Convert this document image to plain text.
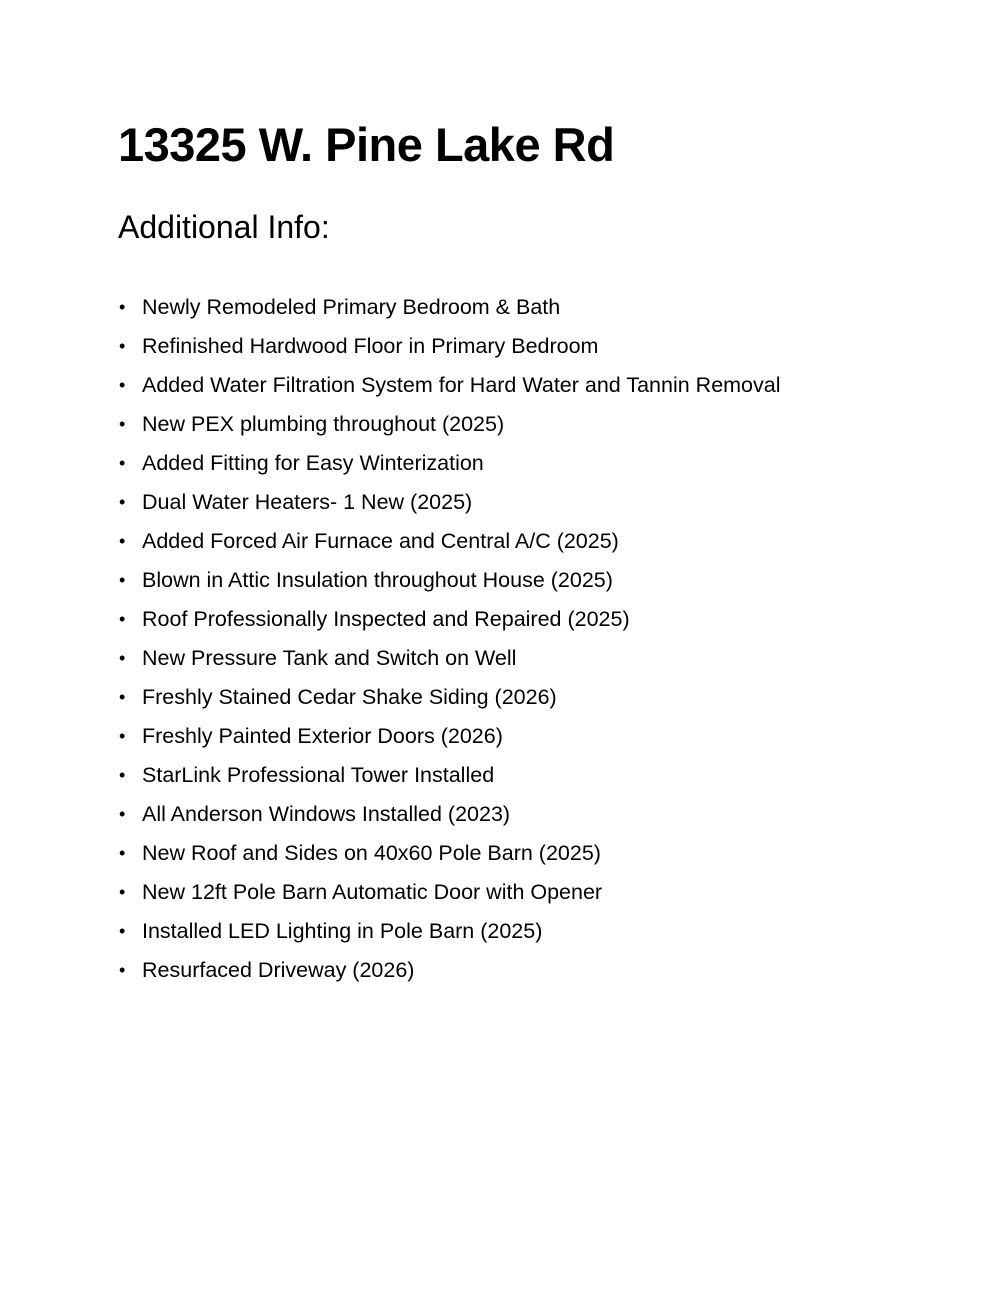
13325 W. Pine Lake Rd
Additional Info:
• Newly Remodeled Primary Bedroom & Bath
• Refinished Hardwood Floor in Primary Bedroom
• Added Water Filtration System for Hard Water and Tannin Removal
• New PEX plumbing throughout (2025)
• Added Fitting for Easy Winterization
• Dual Water Heaters- 1 New (2025)
• Added Forced Air Furnace and Central A/C (2025)
• Blown in Attic Insulation throughout House (2025)
• Roof Professionally Inspected and Repaired (2025)
• New Pressure Tank and Switch on Well
• Freshly Stained Cedar Shake Siding (2026)
• Freshly Painted Exterior Doors (2026)
• StarLink Professional Tower Installed
• All Anderson Windows Installed (2023)
• New Roof and Sides on 40x60 Pole Barn (2025)
• New 12ft Pole Barn Automatic Door with Opener
• Installed LED Lighting in Pole Barn (2025)
• Resurfaced Driveway (2026)
